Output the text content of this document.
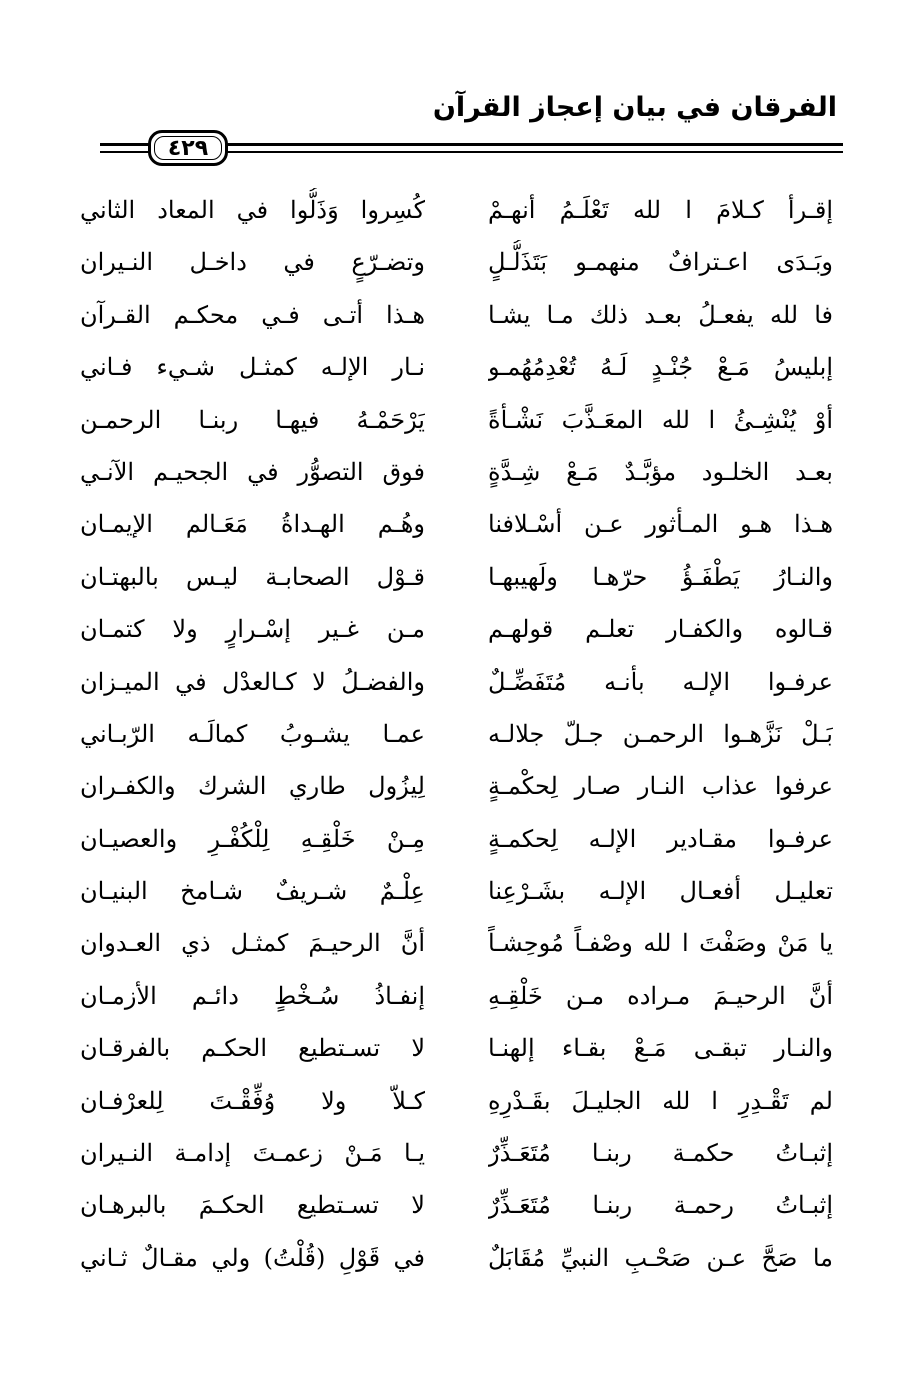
الفرقان في بيان إعجاز القرآن
٤٢٩
إقـرأ كـلامَ ا لله تَعْلَـمُ أنهـمْ
وبَـدَى اعـترافٌ منهمـو بَتَذَلُّـلٍ
فا لله يفعـلُ بعـد ذلك مـا يشـا
إبليسُ مَـعْ جُنْـدٍ لَـهُ تُعْدِمُهُمـو
أوْ يُنْشِـئُ ا لله المعَـذَّبَ نَشْـأةً
بعـد الخلـود مؤبَّـدٌ مَـعْ شِـدَّةٍ
هـذا هـو المـأثور عـن أسْـلافنا
والنـارُ يَطْفَـؤُ حرّهـا ولَهيبهـا
قـالوه والكفـار تعلـم قولهـم
عرفـوا الإلـه بأنـه مُتَفَضِّـلٌ
بَـلْ نَزَّهـوا الرحمـن جـلّ جلالـه
عرفوا عذاب النـار صـار لِحكْمـةٍ
عرفـوا مقـادير الإلـه لِحكمـةٍ
تعليـل أفعـال الإلـه بشَـرْعِنا
يا مَنْ وصَفْتَ ا لله وصْفـاً مُوحِشـاً
أنَّ الرحيـمَ مـراده مـن خَلْقِـهِ
والنـار تبقـى مَـعْ بقـاء إلهنـا
لم تَقْـدِرِ ا لله الجليـلَ بقَـدْرِهِ
إثبـاتُ حكمـة ربنـا مُتَعَـذِّرٌ
إثبـاتُ رحمـة ربنـا مُتَعَـذِّرٌ
ما صَحَّ عـن صَحْـبِ النبيِّ مُقَابَلٌ
كُسِروا وَذَلُّوا في المعاد الثاني
وتضـرّعٍ في داخـل النـيران
هـذا أتـى فـي محكـم القـرآن
نـار الإلـه كمثـل شـيء فـاني
يَرْحَمْـهُ فيهـا ربنـا الرحمـن
فوق التصوُّر في الجحيـم الآنـي
وهُـم الهـداةُ مَعَـالم الإيمـان
قـوْل الصحابـة ليـس بالبهتـان
مـن غـير إسْـرارٍ ولا كتمـان
والفضـلُ لا كـالعدْل في الميـزان
عمـا يشـوبُ كمالَـه الرّبـاني
لِيزُول طاري الشرك والكفـران
مِـنْ خَلْقِـهِ لِلْكُفْـرِ والعصيـان
عِلْـمٌ شـريفٌ شـامخ البنيـان
أنَّ الرحيـمَ كمثـل ذي العـدوان
إنفـاذُ سُـخْطٍ دائـم الأزمـان
لا تسـتطيع الحكـم بالفرقـان
كـلاّ ولا وُفِّقْـتَ لِلعرْفـان
يـا مَـنْ زعمـتَ إدامـة النـيران
لا تسـتطيع الحكـمَ بالبرهـان
في قَوْلِ (قُلْتُ) ولي مقـالٌ ثـاني
